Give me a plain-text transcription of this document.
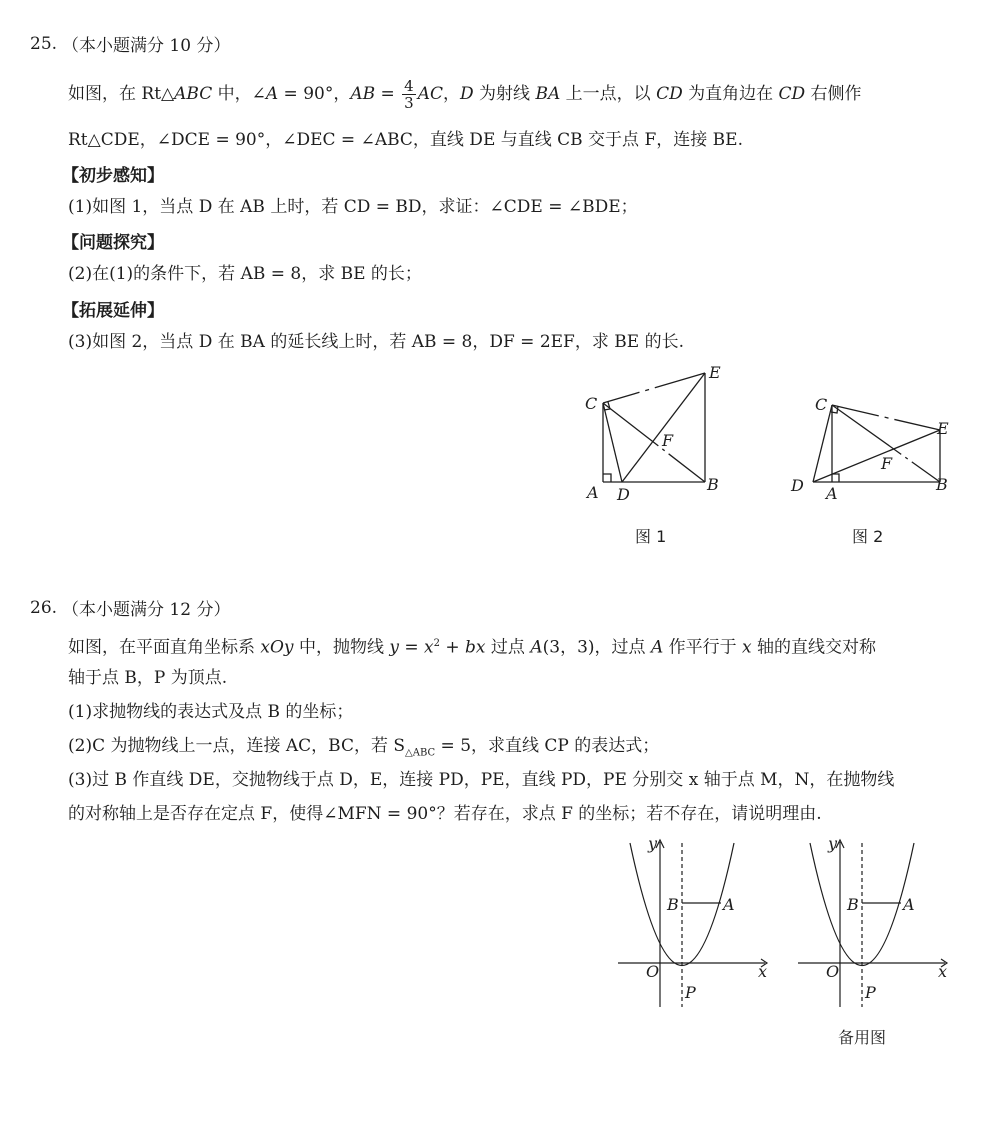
25. （本小题满分 10 分）
如图，在 Rt△ABC 中，∠A = 90°，AB = $\frac{4}{3}$ AC，D 为射线 BA 上一点，以 CD 为直角边在 CD 右侧作
Rt△CDE，∠DCE = 90°，∠DEC = ∠ABC，直线 DE 与直线 CB 交于点 F，连接 BE.
【初步感知】
(1)如图 1，当点 D 在 AB 上时，若 CD = BD，求证：∠CDE = ∠BDE；
【问题探究】
(2)在(1)的条件下，若 AB = 8，求 BE 的长；
【拓展延伸】
(3)如图 2，当点 D 在 BA 的延长线上时，若 AB = 8，DF = 2EF，求 BE 的长.
C
E
F
A D
B
图 1
C
E
F
A
D	B
图 2
26. （本小题满分 12 分）
如图，在平面直角坐标系 xOy 中，抛物线 $y = x^2$ + bx 过点 A(3，3)，过点 A 作平行于 x 轴的直线交对称
轴于点 B，P 为顶点.
(1)求抛物线的表达式及点 B 的坐标；
(2)C 为抛物线上一点，连接 AC，BC，若 $S_{\triangle ABC} = 5$，求直线 CP 的表达式；
(3)过 B 作直线 DE，交抛物线于点 D，E，连接 PD，PE，直线 PD，PE 分别交 x 轴于点 M，N，在抛物线
的对称轴上是否存在定点 F，使得∠MFN = 90°？若存在，求点 F 的坐标；若不存在，请说明理由.
y
x
O
B	A
P
y
x
O
B	A
P
备用图
